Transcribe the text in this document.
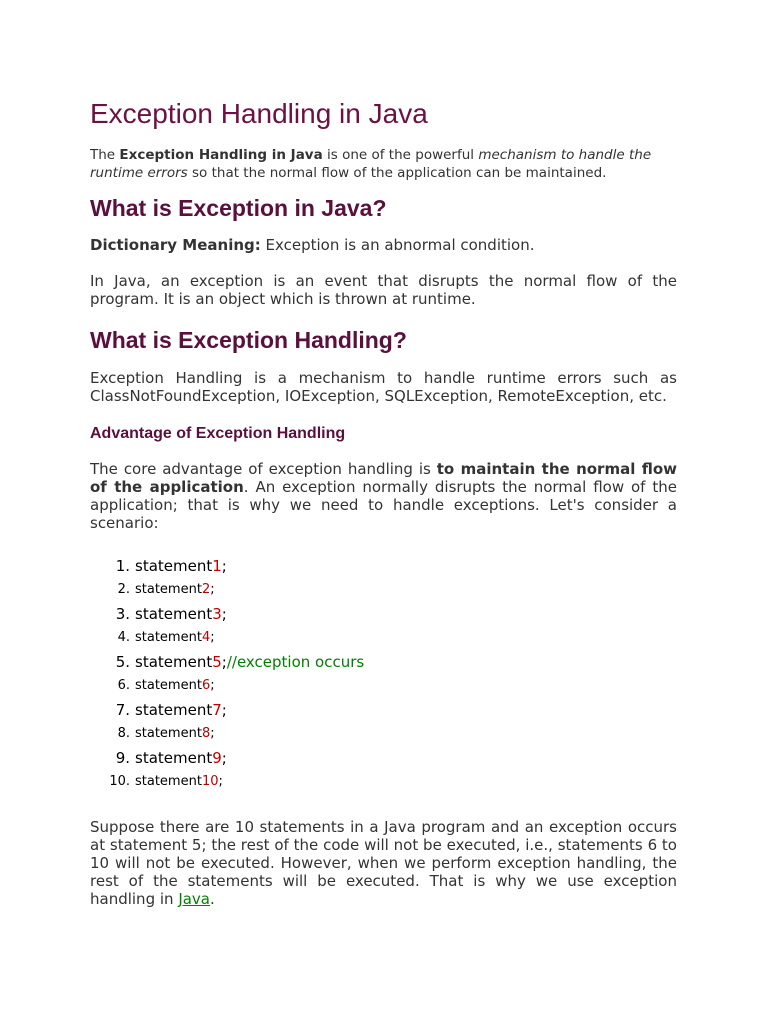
Exception Handling in Java

The Exception Handling in Java is one of the powerful mechanism to handle the runtime errors so that the normal flow of the application can be maintained.

What is Exception in Java?

Dictionary Meaning: Exception is an abnormal condition.

In Java, an exception is an event that disrupts the normal flow of the program. It is an object which is thrown at runtime.

What is Exception Handling?

Exception Handling is a mechanism to handle runtime errors such as ClassNotFoundException, IOException, SQLException, RemoteException, etc.

Advantage of Exception Handling

The core advantage of exception handling is to maintain the normal flow of the application. An exception normally disrupts the normal flow of the application; that is why we need to handle exceptions. Let's consider a scenario:

1. statement 1 ;
2. statement 2 ;
3. statement 3 ;
4. statement 4 ;
5. statement 5 ; //exception occurs
6. statement 6 ;
7. statement 7 ;
8. statement 8 ;
9. statement 9 ;
10. statement 10 ;

Suppose there are 10 statements in a Java program and an exception occurs at statement 5; the rest of the code will not be executed, i.e., statements 6 to 10 will not be executed. However, when we perform exception handling, the rest of the statements will be executed. That is why we use exception handling in Java.
